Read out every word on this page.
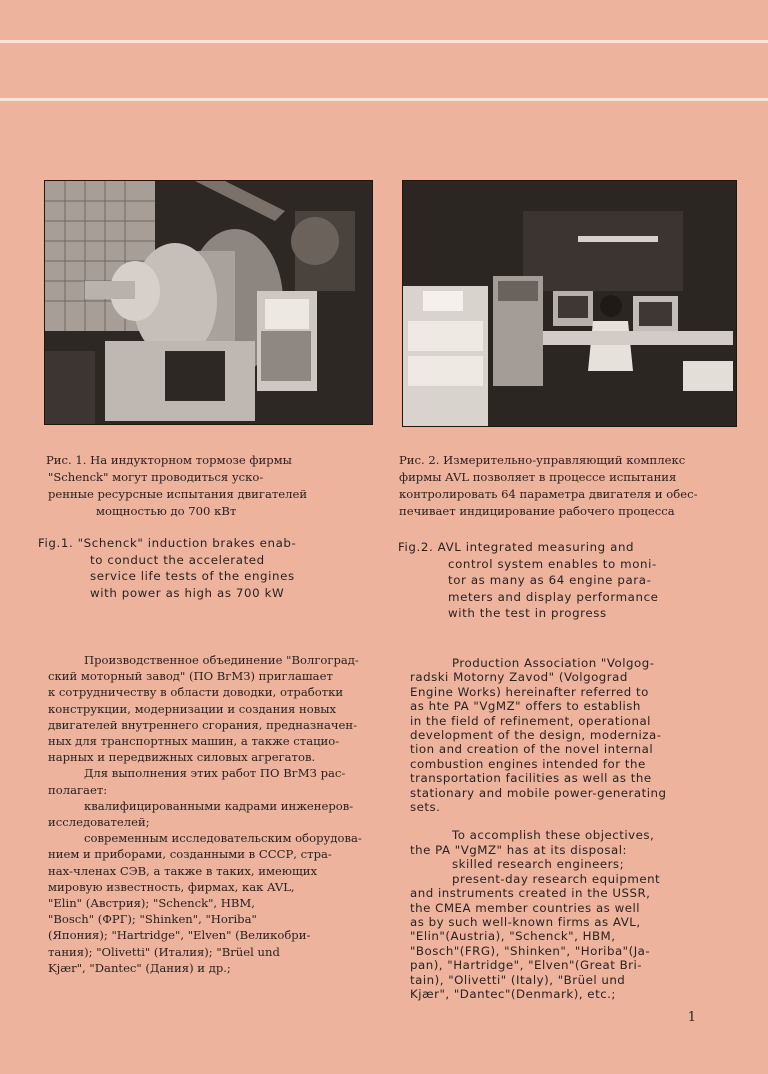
Рис. 1. На индукторном тормозе фирмы
"Schenck" могут проводиться уско-
ренные ресурсные испытания двигателей
мощностью до 700 кВт

Fig.1. "Schenck" induction brakes enab-
to conduct the accelerated
service life tests of the engines
with power as high as 700 kW

Рис. 2. Измерительно-управляющий комплекс
фирмы AVL позволяет в процессе испытания
контролировать 64 параметра двигателя и обес-
печивает индицирование рабочего процесса

Fig.2. AVL integrated measuring and
control system enables to moni-
tor as many as 64 engine para-
meters and display performance
with the test in progress

Производственное объединение "Волгоград-
ский моторный завод" (ПО ВгМЗ) приглашает
к сотрудничеству в области доводки, отработки
конструкции, модернизации и создания новых
двигателей внутреннего сгорания, предназначен-
ных для транспортных машин, а также стацио-
нарных и передвижных силовых агрегатов.
Для выполнения этих работ ПО ВгМЗ рас-
полагает:
квалифицированными кадрами инженеров-
исследователей;
современным исследовательским оборудова-
нием и приборами, созданными в СССР, стра-
нах-членах СЭВ, а также в таких, имеющих
мировую известность, фирмах, как AVL,
"Elin" (Австрия); "Schenck", HBM,
"Bosch" (ФРГ); "Shinken", "Horiba"
(Япония); "Hartridge", "Elven" (Великобри-
тания); "Olivetti" (Италия); "Brüel und
Kjær", "Dantec" (Дания) и др.;

Production Association "Volgog-
radski Motorny Zavod" (Volgograd
Engine Works) hereinafter referred to
as hte PA "VgMZ" offers to establish
in the field of refinement, operational
development of the design, moderniza-
tion and creation of the novel internal
combustion engines intended for the
transportation facilities as well as the
stationary and mobile power-generating
sets.
To accomplish these objectives,
the PA "VgMZ" has at its disposal:
skilled research engineers;
present-day research equipment
and instruments created in the USSR,
the CMEA member countries as well
as by such well-known firms as AVL,
"Elin"(Austria), "Schenck", HBM,
"Bosch"(FRG), "Shinken", "Horiba"(Ja-
pan), "Hartridge", "Elven"(Great Bri-
tain), "Olivetti" (Italy), "Brüel und
Kjær", "Dantec"(Denmark), etc.;

1
